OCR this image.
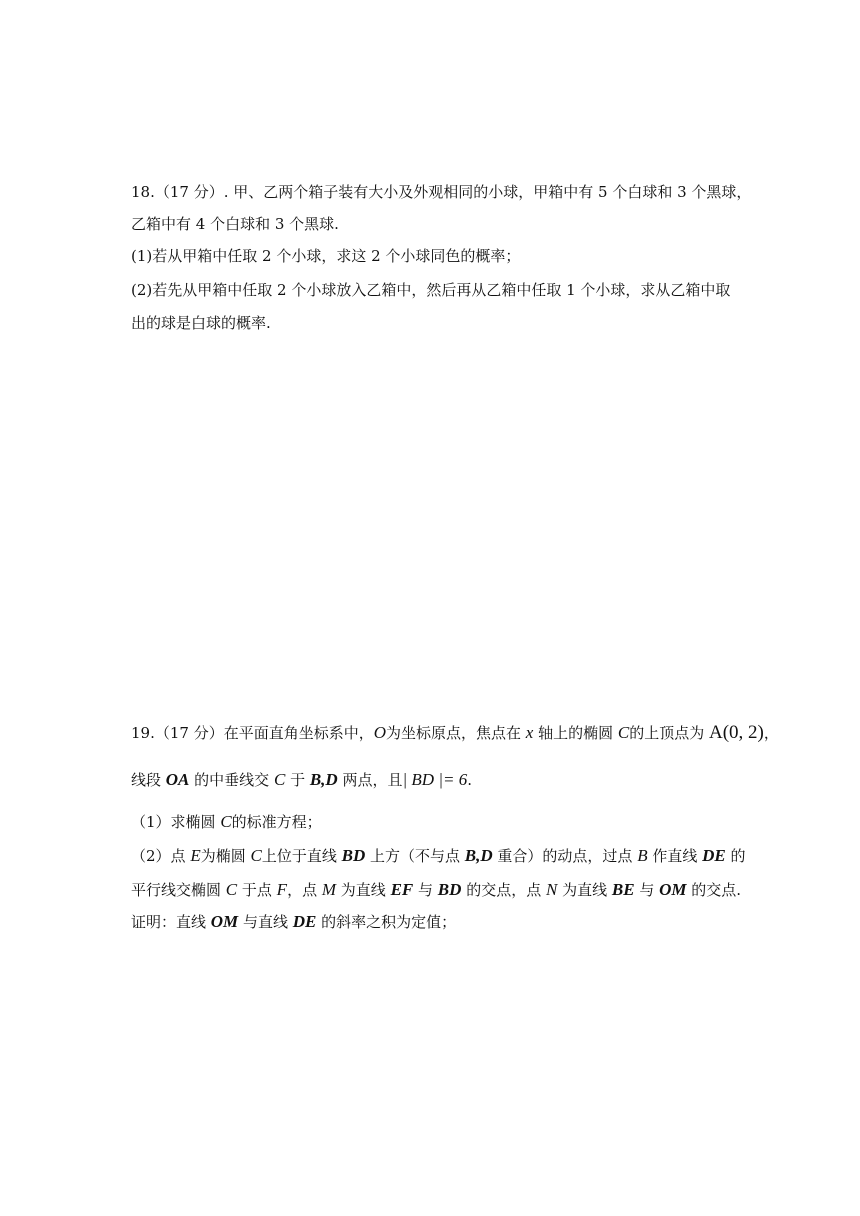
18.（17 分）. 甲、乙两个箱子装有大小及外观相同的小球，甲箱中有 5 个白球和 3 个黑球，
乙箱中有 4 个白球和 3 个黑球.
(1)若从甲箱中任取 2 个小球，求这 2 个小球同色的概率；
(2)若先从甲箱中任取 2 个小球放入乙箱中，然后再从乙箱中任取 1 个小球，求从乙箱中取
出的球是白球的概率.
19.（17 分）在平面直角坐标系中，O为坐标原点，焦点在 x 轴上的椭圆 C的上顶点为 A(0, 2)，
线段 OA 的中垂线交 C 于 B,D 两点，且| BD |= 6.
（1）求椭圆 C的标准方程；
（2）点 E为椭圆 C上位于直线 BD 上方（不与点 B,D 重合）的动点，过点 B 作直线 DE 的
平行线交椭圆 C 于点 F，点 M 为直线 EF 与 BD 的交点，点 N 为直线 BE 与 OM 的交点.
证明：直线 OM 与直线 DE 的斜率之积为定值；
